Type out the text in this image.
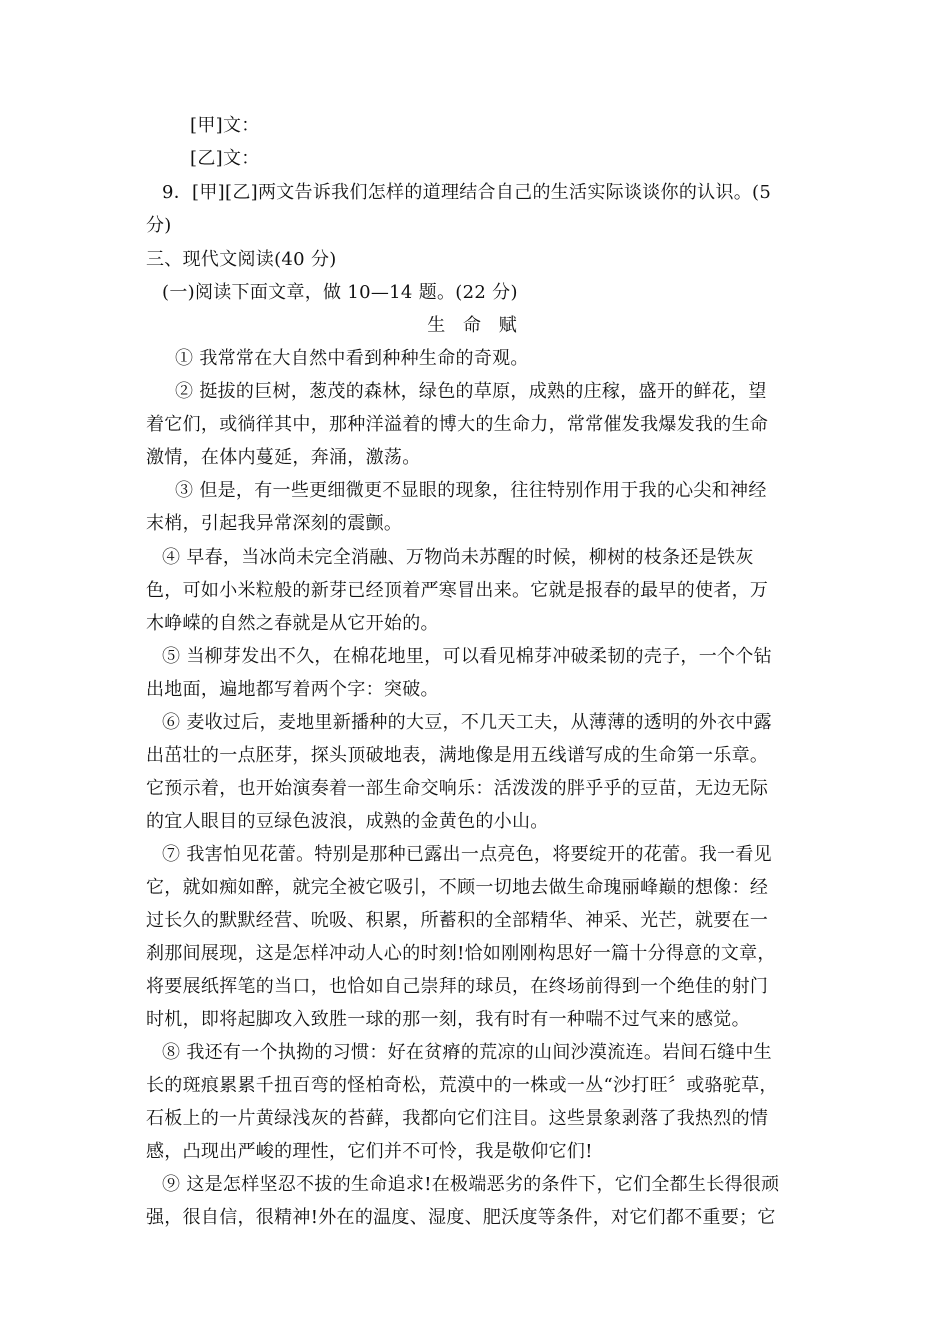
[甲]文：
[乙]文：
9．[甲][乙]两文告诉我们怎样的道理结合自己的生活实际谈谈你的认识。(5
分)
三、现代文阅读(40 分)
(一)阅读下面文章，做 10—14 题。(22 分)
生 命 赋
① 我常常在大自然中看到种种生命的奇观。
② 挺拔的巨树，葱茂的森林，绿色的草原，成熟的庄稼，盛开的鲜花，望
着它们，或徜徉其中，那种洋溢着的博大的生命力，常常催发我爆发我的生命
激情，在体内蔓延，奔涌，激荡。
③ 但是，有一些更细微更不显眼的现象，往往特别作用于我的心尖和神经
末梢，引起我异常深刻的震颤。
④ 早春，当冰尚未完全消融、万物尚未苏醒的时候，柳树的枝条还是铁灰
色，可如小米粒般的新芽已经顶着严寒冒出来。它就是报春的最早的使者，万
木峥嵘的自然之春就是从它开始的。
⑤ 当柳芽发出不久，在棉花地里，可以看见棉芽冲破柔韧的壳子，一个个钻
出地面，遍地都写着两个字：突破。
⑥ 麦收过后，麦地里新播种的大豆，不几天工夫，从薄薄的透明的外衣中露
出茁壮的一点胚芽，探头顶破地表，满地像是用五线谱写成的生命第一乐章。
它预示着，也开始演奏着一部生命交响乐：活泼泼的胖乎乎的豆苗，无边无际
的宜人眼目的豆绿色波浪，成熟的金黄色的小山。
⑦ 我害怕见花蕾。特别是那种已露出一点亮色，将要绽开的花蕾。我一看见
它，就如痴如醉，就完全被它吸引，不顾一切地去做生命瑰丽峰巅的想像：经
过长久的默默经营、吮吸、积累，所蓄积的全部精华、神采、光芒，就要在一
刹那间展现，这是怎样冲动人心的时刻!恰如刚刚构思好一篇十分得意的文章，
将要展纸挥笔的当口，也恰如自己崇拜的球员，在终场前得到一个绝佳的射门
时机，即将起脚攻入致胜一球的那一刻，我有时有一种喘不过气来的感觉。
⑧ 我还有一个执拗的习惯：好在贫瘠的荒凉的山间沙漠流连。岩间石缝中生
长的斑痕累累千扭百弯的怪柏奇松，荒漠中的一株或一丛“沙打旺〞或骆驼草，
石板上的一片黄绿浅灰的苔藓，我都向它们注目。这些景象剥落了我热烈的情
感，凸现出严峻的理性，它们并不可怜，我是敬仰它们!
⑨ 这是怎样坚忍不拔的生命追求!在极端恶劣的条件下，它们全都生长得很顽
强，很自信，很精神!外在的温度、湿度、肥沃度等条件，对它们都不重要；它
